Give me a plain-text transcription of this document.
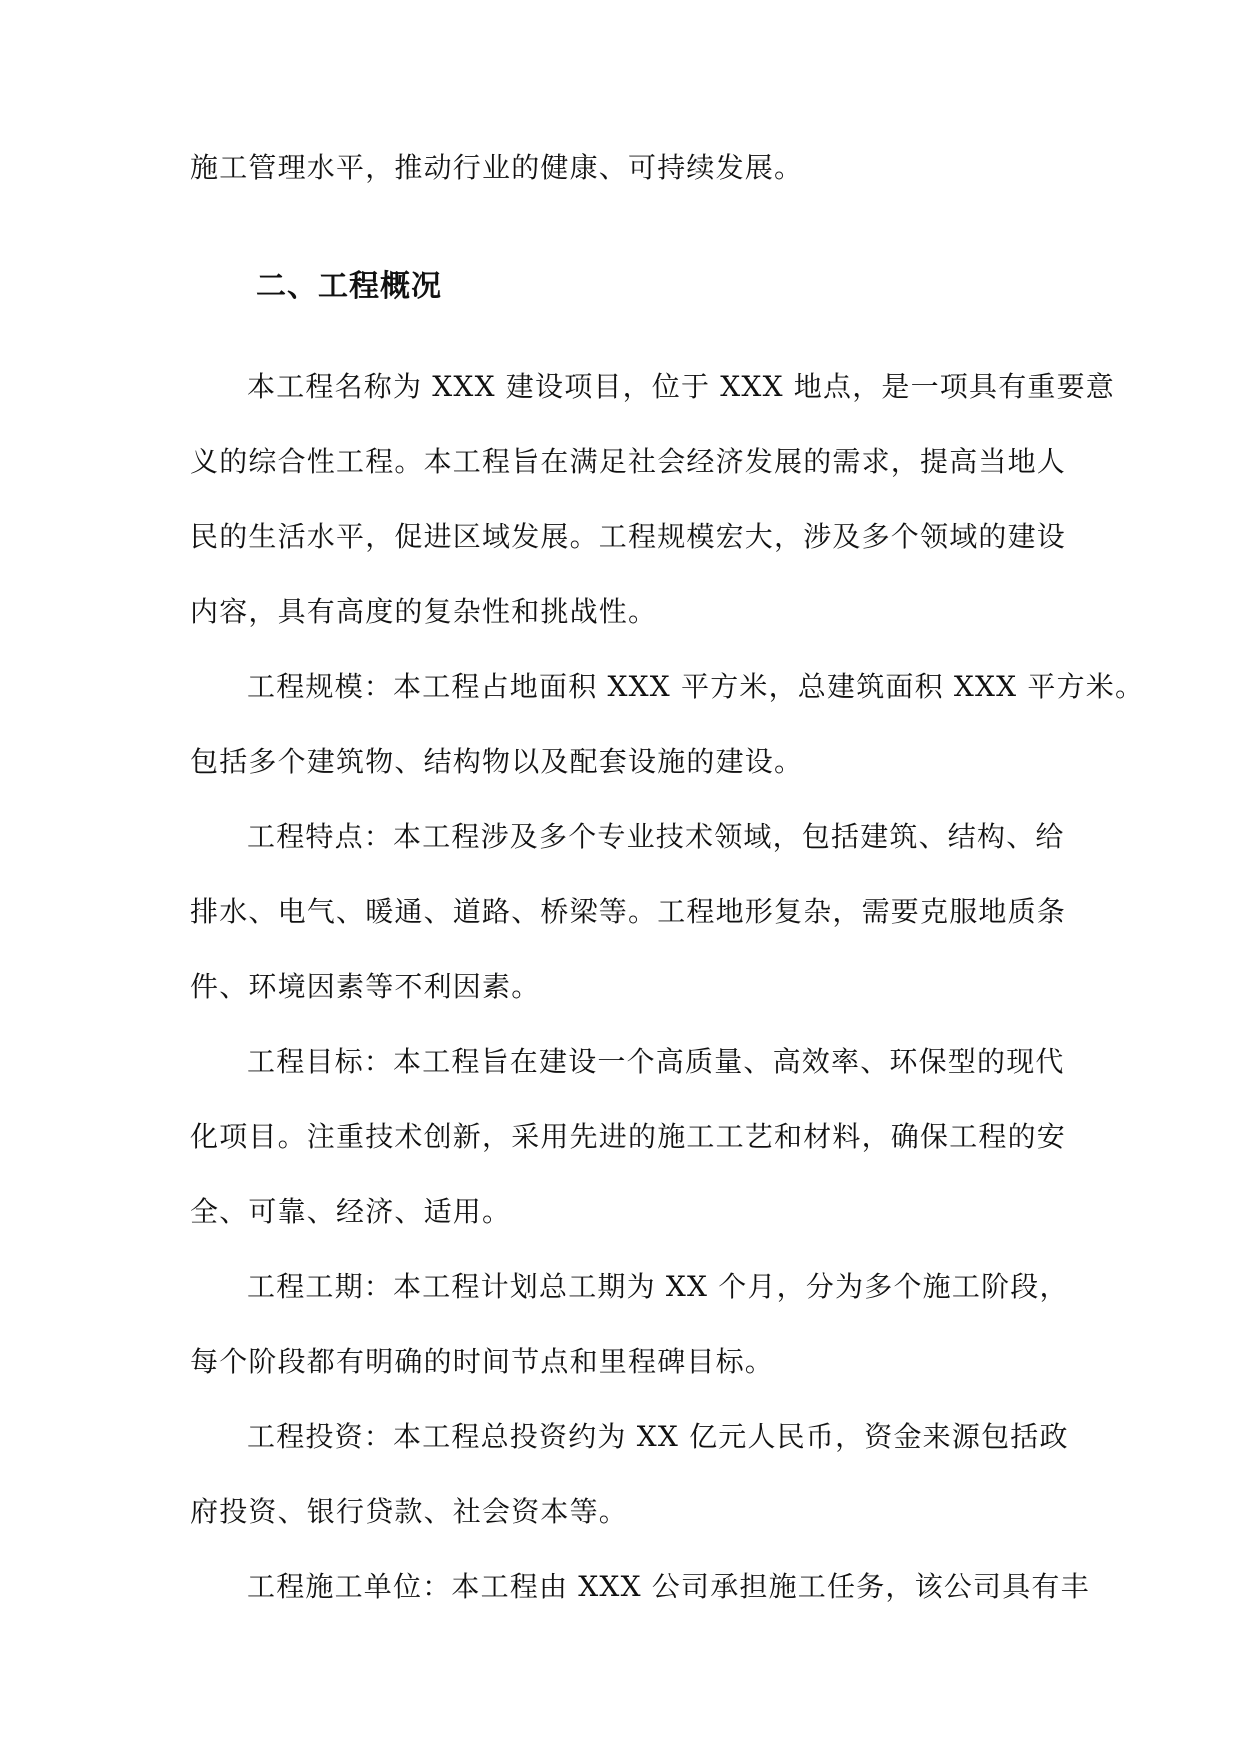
施工管理水平，推动行业的健康、可持续发展。
二、工程概况
本工程名称为 XXX 建设项目，位于 XXX 地点，是一项具有重要意
义的综合性工程。本工程旨在满足社会经济发展的需求，提高当地人
民的生活水平，促进区域发展。工程规模宏大，涉及多个领域的建设
内容，具有高度的复杂性和挑战性。
工程规模：本工程占地面积 XXX 平方米，总建筑面积 XXX 平方米。
包括多个建筑物、结构物以及配套设施的建设。
工程特点：本工程涉及多个专业技术领域，包括建筑、结构、给
排水、电气、暖通、道路、桥梁等。工程地形复杂，需要克服地质条
件、环境因素等不利因素。
工程目标：本工程旨在建设一个高质量、高效率、环保型的现代
化项目。注重技术创新，采用先进的施工工艺和材料，确保工程的安
全、可靠、经济、适用。
工程工期：本工程计划总工期为 XX 个月，分为多个施工阶段，
每个阶段都有明确的时间节点和里程碑目标。
工程投资：本工程总投资约为 XX 亿元人民币，资金来源包括政
府投资、银行贷款、社会资本等。
工程施工单位：本工程由 XXX 公司承担施工任务，该公司具有丰
